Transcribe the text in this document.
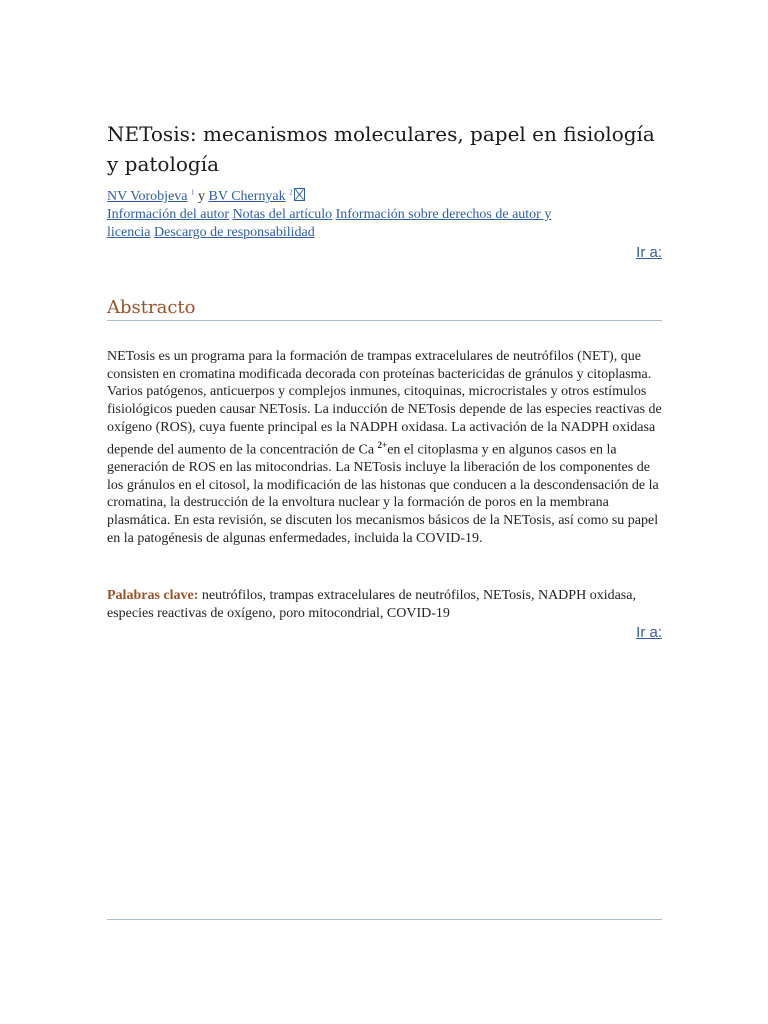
NETosis: mecanismos moleculares, papel en fisiología y patología
NV Vorobjeva $^1$ y BV Chernyak $^2$
Información del autor Notas del artículo Información sobre derechos de autor y licencia Descargo de responsabilidad
Ir a:
Abstracto

NETosis es un programa para la formación de trampas extracelulares de neutrófilos (NET), que consisten en cromatina modificada decorada con proteínas bactericidas de gránulos y citoplasma. Varios patógenos, anticuerpos y complejos inmunes, citoquinas, microcristales y otros estímulos fisiológicos pueden causar NETosis. La inducción de NETosis depende de las especies reactivas de oxígeno (ROS), cuya fuente principal es la NADPH oxidasa. La activación de la NADPH oxidasa depende del aumento de la concentración de Ca $^{2+}$en el citoplasma y en algunos casos en la generación de ROS en las mitocondrias. La NETosis incluye la liberación de los componentes de los gránulos en el citosol, la modificación de las histonas que conducen a la descondensación de la cromatina, la destrucción de la envoltura nuclear y la formación de poros en la membrana plasmática. En esta revisión, se discuten los mecanismos básicos de la NETosis, así como su papel en la patogénesis de algunas enfermedades, incluida la COVID-19.

Palabras clave: neutrófilos, trampas extracelulares de neutrófilos, NETosis, NADPH oxidasa, especies reactivas de oxígeno, poro mitocondrial, COVID-19

Ir a:
